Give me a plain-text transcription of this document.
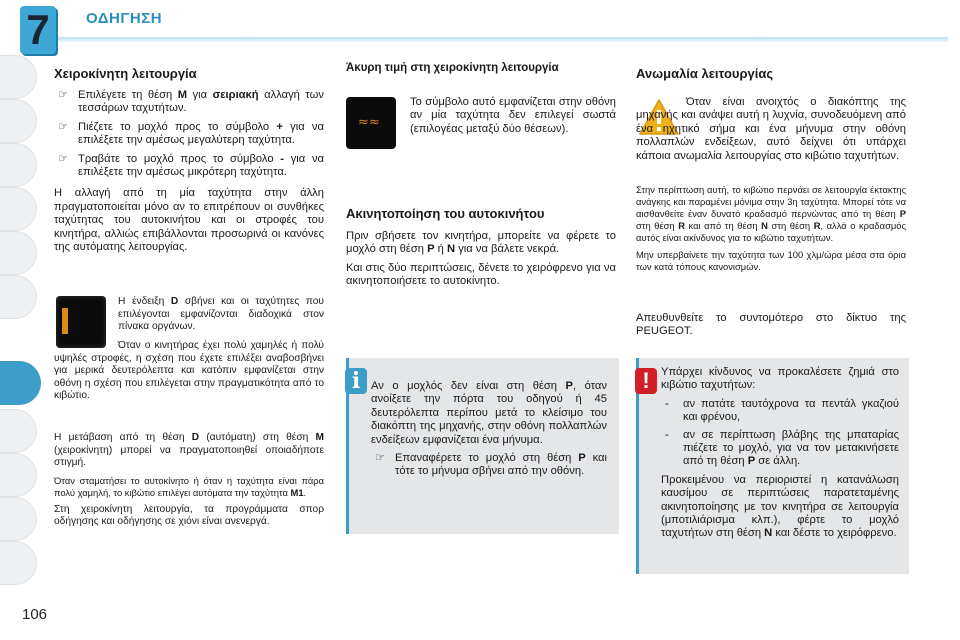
7	ΟΔΗΓΗΣΗ
Χειροκίνητη λειτουργία
☞ Επιλέγετε τη θέση M για σειριακή αλλαγή των τεσσάρων ταχυτήτων.
☞ Πιέζετε το μοχλό προς το σύμβολο + για να επιλέξετε την αμέσως μεγαλύτερη ταχύτητα.
☞ Τραβάτε το μοχλό προς το σύμβολο - για να επιλέξετε την αμέσως μικρότερη ταχύτητα.

Η αλλαγή από τη μία ταχύτητα στην άλλη πραγματοποιείται μόνο αν το επιτρέπουν οι συνθήκες ταχύτητας του αυτοκινήτου και οι στροφές του κινητήρα, αλλιώς επιβάλλονται προσωρινά οι κανόνες της αυτόματης λειτουργίας.

Η ένδειξη D σβήνει και οι ταχύτητες που επιλέγονται εμφανίζονται διαδοχικά στον πίνακα οργάνων.

Όταν ο κινητήρας έχει πολύ χαμηλές ή πολύ υψηλές στροφές, η σχέση που έχετε επιλέξει αναβοσβήνει για μερικά δευτερόλεπτα και κατόπιν εμφανίζεται στην οθόνη η σχέση που επιλέγεται στην πραγματικότητα από το κιβώτιο.

Η μετάβαση από τη θέση D (αυτόματη) στη θέση M (χειροκίνητη) μπορεί να πραγματοποιηθεί οποιαδήποτε στιγμή.

Όταν σταματήσει το αυτοκίνητο ή όταν η ταχύτητα είναι πάρα πολύ χαμηλή, το κιβώτιο επιλέγει αυτόματα την ταχύτητα M1.

Στη χειροκίνητη λειτουργία, τα προγράμματα σπορ οδήγησης και οδήγησης σε χιόνι είναι ανενεργά.

Άκυρη τιμή στη χειροκίνητη λειτουργία
≈≈

Το σύμβολο αυτό εμφανίζεται στην οθόνη αν μία ταχύτητα δεν επιλεγεί σωστά (επιλογέας μεταξύ δύο θέσεων).

Ακινητοποίηση του αυτοκινήτου

Πριν σβήσετε τον κινητήρα, μπορείτε να φέρετε το μοχλό στη θέση P ή N για να βάλετε νεκρά.

Και στις δύο περιπτώσεις, δένετε το χειρόφρενο για να ακινητοποιήσετε το αυτοκίνητο.

i Αν ο μοχλός δεν είναι στη θέση P, όταν ανοίξετε την πόρτα του οδηγού ή 45 δευτερόλεπτα περίπου μετά το κλείσιμο του διακόπτη της μηχανής, στην οθόνη πολλαπλών ενδείξεων εμφανίζεται ένα μήνυμα.

☞ Επαναφέρετε το μοχλό στη θέση P και τότε το μήνυμα σβήνει από την οθόνη.
Ανωμαλία λειτουργίας

Όταν είναι ανοιχτός ο διακόπτης της μηχανής και ανάψει αυτή η λυχνία, συνοδευόμενη από ένα ηχητικό σήμα και ένα μήνυμα στην οθόνη πολλαπλών ενδείξεων, αυτό δείχνει ότι υπάρχει κάποια ανωμαλία λειτουργίας στο κιβώτιο ταχυτήτων.

Στην περίπτωση αυτή, το κιβώτιο περνάει σε λειτουργία έκτακτης ανάγκης και παραμένει μόνιμα στην 3η ταχύτητα. Μπορεί τότε να αισθανθείτε έναν δυνατό κραδασμό περνώντας από τη θέση P στη θέση R και από τη θέση N στη θέση R, αλλά ο κραδασμός αυτός είναι ακίνδυνος για το κιβώτιο ταχυτήτων.

Μην υπερβαίνετε την ταχύτητα των 100 χλμ/ώρα μέσα στα όρια των κατά τόπους κανονισμών.

Απευθυνθείτε το συντομότερο στο δίκτυο της PEUGEOT.

!	Υπάρχει κίνδυνος να προκαλέσετε ζημιά στο κιβώτιο ταχυτήτων:

- αν πατάτε ταυτόχρονα τα πεντάλ γκαζιού και φρένου,
- αν σε περίπτωση βλάβης της μπαταρίας πιέζετε το μοχλό, για να τον μετακινήσετε από τη θέση P σε άλλη.

Προκειμένου να περιοριστεί η κατανάλωση καυσίμου σε περιπτώσεις παρατεταμένης ακινητοποίησης με τον κινητήρα σε λειτουργία (μποτιλιάρισμα κλπ.), φέρτε το μοχλό ταχυτήτων στη θέση N και δέστε το χειρόφρενο.

106
